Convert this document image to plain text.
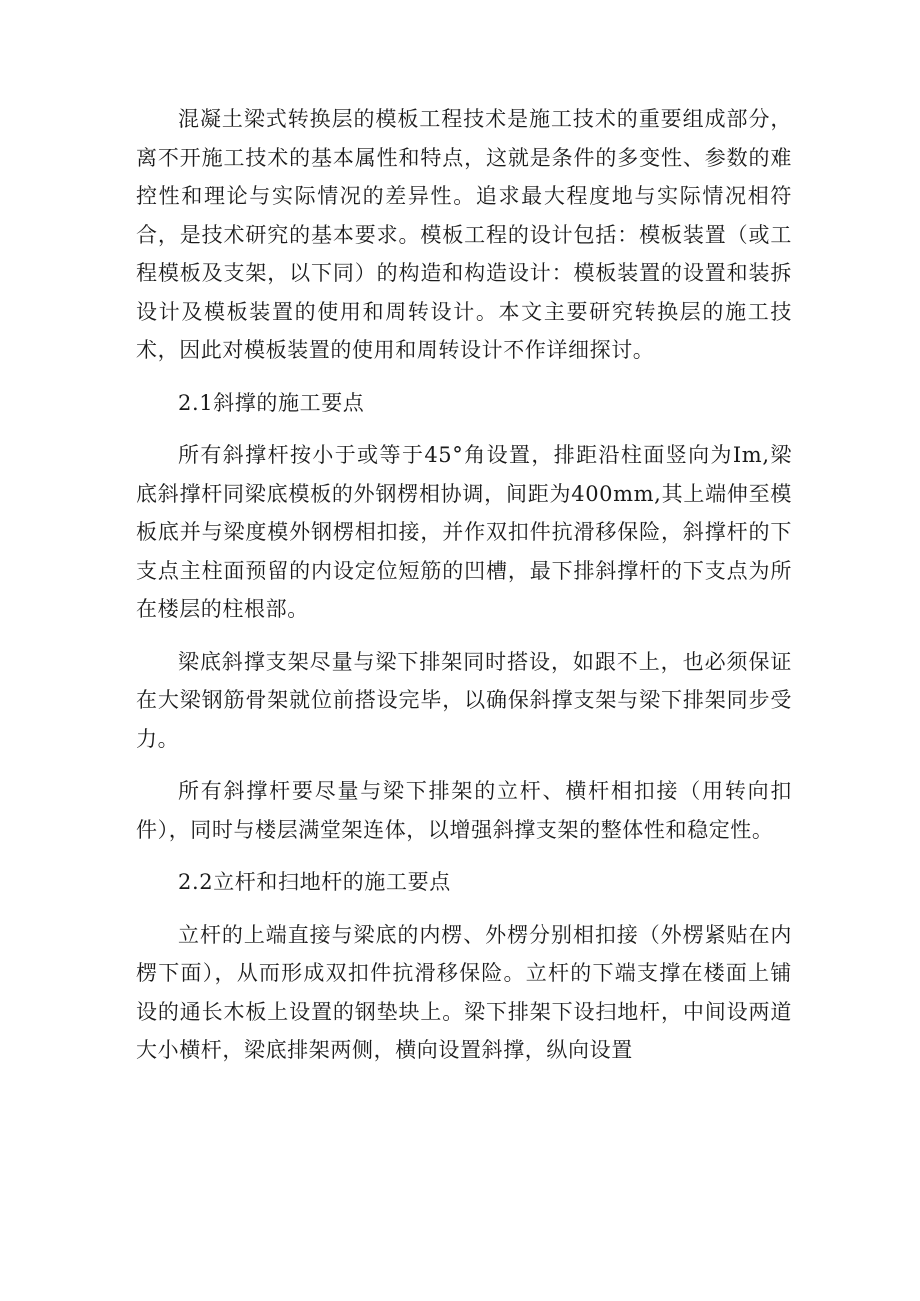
混凝土梁式转换层的模板工程技术是施工技术的重要组成部分，离不开施工技术的基本属性和特点，这就是条件的多变性、参数的难控性和理论与实际情况的差异性。追求最大程度地与实际情况相符合，是技术研究的基本要求。模板工程的设计包括：模板装置（或工程模板及支架，以下同）的构造和构造设计：模板装置的设置和装拆设计及模板装置的使用和周转设计。本文主要研究转换层的施工技术，因此对模板装置的使用和周转设计不作详细探讨。

2.1斜撑的施工要点

所有斜撑杆按小于或等于45°角设置，排距沿柱面竖向为Im,梁底斜撑杆同梁底模板的外钢楞相协调，间距为400mm,其上端伸至模板底并与梁度模外钢楞相扣接，并作双扣件抗滑移保险，斜撑杆的下支点主柱面预留的内设定位短筋的凹槽，最下排斜撑杆的下支点为所在楼层的柱根部。

梁底斜撑支架尽量与梁下排架同时搭设，如跟不上，也必须保证在大梁钢筋骨架就位前搭设完毕，以确保斜撑支架与梁下排架同步受力。

所有斜撑杆要尽量与梁下排架的立杆、横杆相扣接（用转向扣件），同时与楼层满堂架连体，以增强斜撑支架的整体性和稳定性。

2.2立杆和扫地杆的施工要点

立杆的上端直接与梁底的内楞、外楞分别相扣接（外楞紧贴在内楞下面），从而形成双扣件抗滑移保险。立杆的下端支撑在楼面上铺设的通长木板上设置的钢垫块上。梁下排架下设扫地杆，中间设两道大小横杆，梁底排架两侧，横向设置斜撑，纵向设置
